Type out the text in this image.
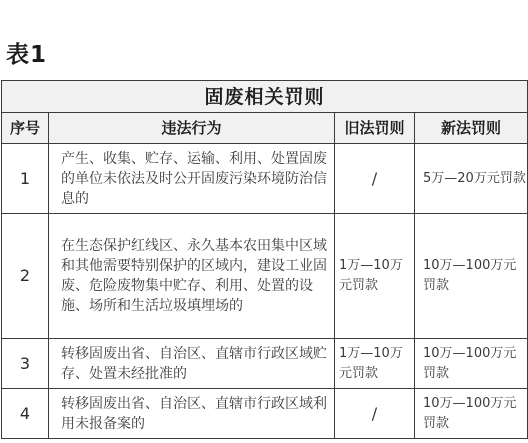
表1
固废相关罚则			
序号	违法行为	旧法罚则	新法罚则
1	产生、收集、贮存、运输、利用、处置固废的单位未依法及时公开固废污染环境防治信息的	/	5万—20万元罚款
2	在生态保护红线区、永久基本农田集中区域和其他需要特别保护的区域内，建设工业固废、危险废物集中贮存、利用、处置的设施、场所和生活垃圾填埋场的	1万—10万元罚款	10万—100万元罚款
3	转移固废出省、自治区、直辖市行政区域贮存、处置未经批准的	1万—10万元罚款	10万—100万元罚款
4	转移固废出省、自治区、直辖市行政区域利用未报备案的	/	10万—100万元罚款
